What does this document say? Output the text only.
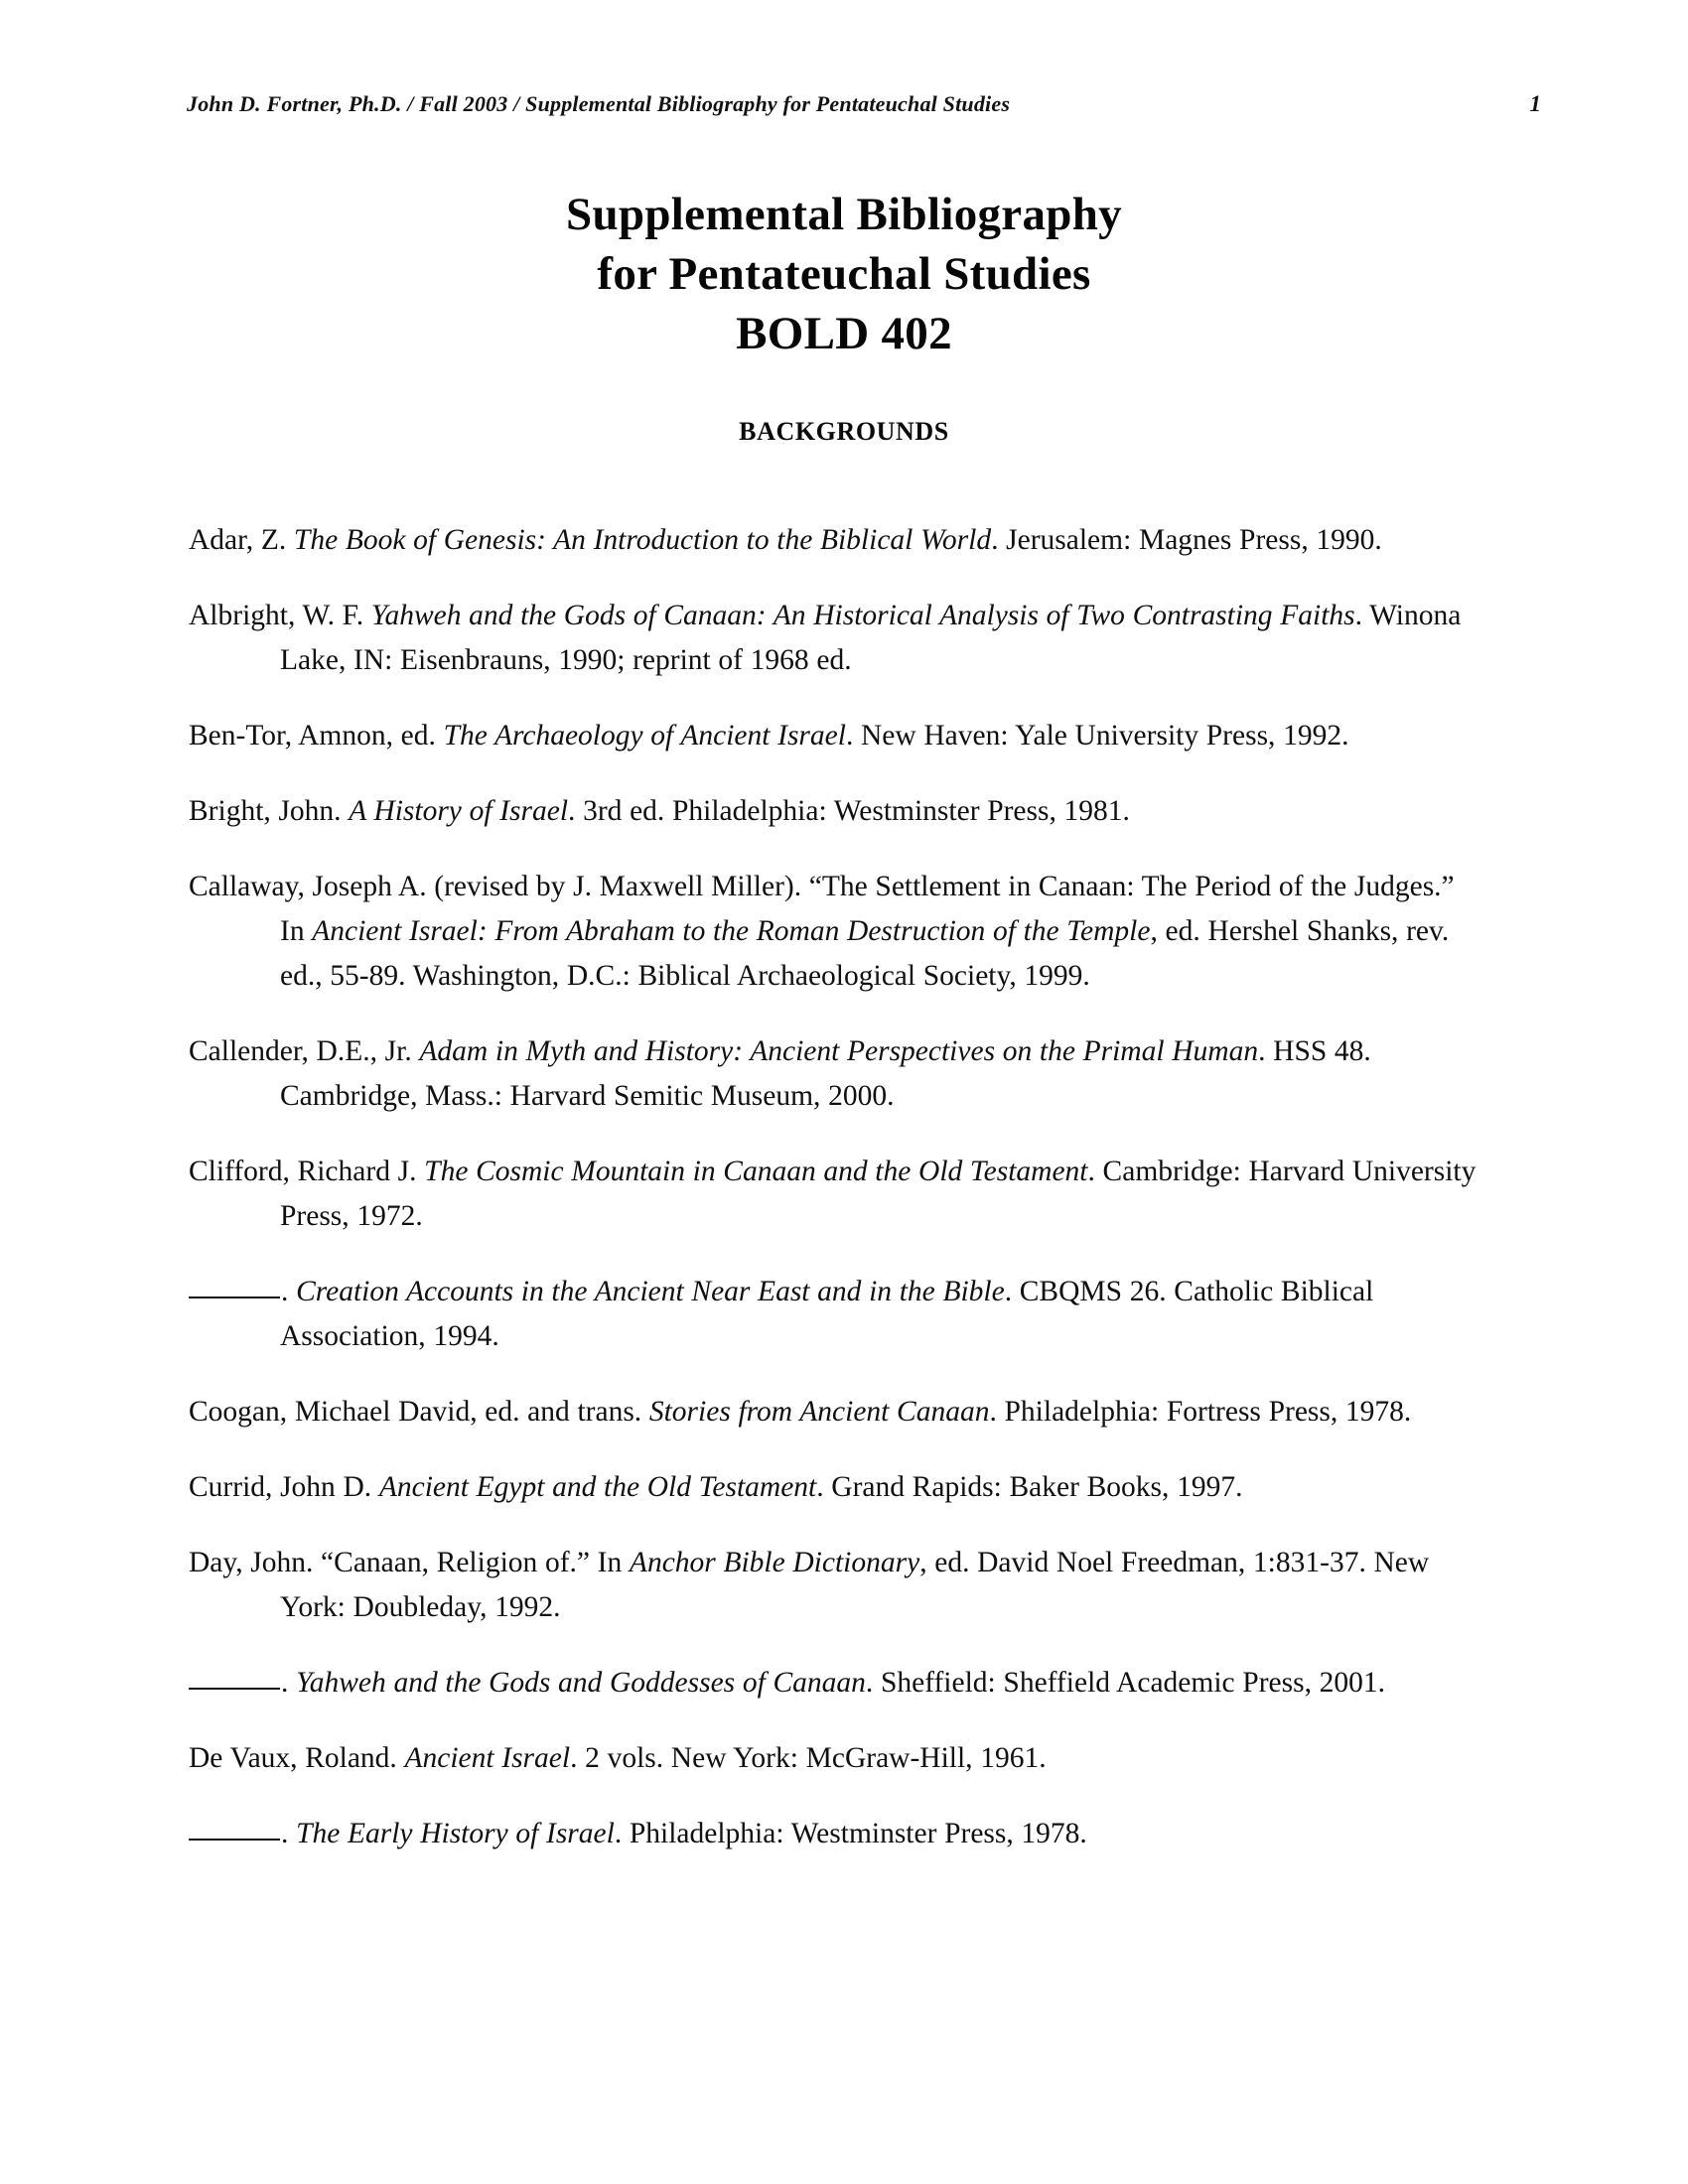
John D. Fortner, Ph.D. / Fall 2003 / Supplemental Bibliography for Pentateuchal Studies	1
Supplemental Bibliography
for Pentateuchal Studies
BOLD 402
BACKGROUNDS

Adar, Z. The Book of Genesis: An Introduction to the Biblical World. Jerusalem: Magnes Press, 1990.

Albright, W. F. Yahweh and the Gods of Canaan: An Historical Analysis of Two Contrasting Faiths. Winona Lake, IN: Eisenbrauns, 1990; reprint of 1968 ed.

Ben-Tor, Amnon, ed. The Archaeology of Ancient Israel. New Haven: Yale University Press, 1992.

Bright, John. A History of Israel. 3rd ed. Philadelphia: Westminster Press, 1981.

Callaway, Joseph A. (revised by J. Maxwell Miller). “The Settlement in Canaan: The Period of the Judges.” In Ancient Israel: From Abraham to the Roman Destruction of the Temple, ed. Hershel Shanks, rev. ed., 55-89. Washington, D.C.: Biblical Archaeological Society, 1999.

Callender, D.E., Jr. Adam in Myth and History: Ancient Perspectives on the Primal Human. HSS 48. Cambridge, Mass.: Harvard Semitic Museum, 2000.

Clifford, Richard J. The Cosmic Mountain in Canaan and the Old Testament. Cambridge: Harvard University Press, 1972.

. Creation Accounts in the Ancient Near East and in the Bible. CBQMS 26. Catholic Biblical Association, 1994.

Coogan, Michael David, ed. and trans. Stories from Ancient Canaan. Philadelphia: Fortress Press, 1978.

Currid, John D. Ancient Egypt and the Old Testament. Grand Rapids: Baker Books, 1997.

Day, John. “Canaan, Religion of.” In Anchor Bible Dictionary, ed. David Noel Freedman, 1:831-37. New York: Doubleday, 1992.

. Yahweh and the Gods and Goddesses of Canaan. Sheffield: Sheffield Academic Press, 2001.

De Vaux, Roland. Ancient Israel. 2 vols. New York: McGraw-Hill, 1961.

. The Early History of Israel. Philadelphia: Westminster Press, 1978.
